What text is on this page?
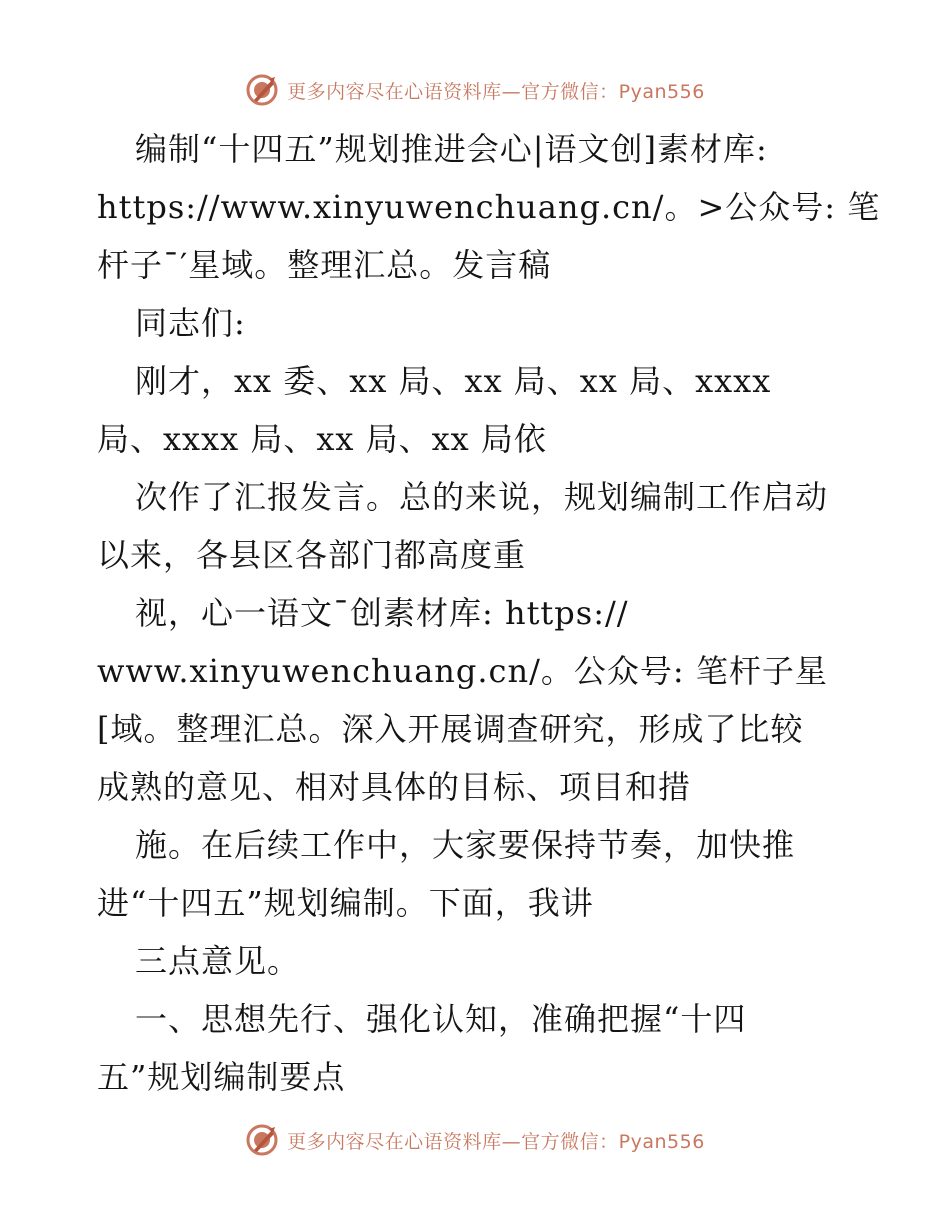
更多内容尽在心语资料库—官方微信：Pyan556
编制“十四五”规划推进会心|语文创]素材库:
https://www.xinyuwenchuang.cn/。>公众号: 笔
杆子¯′星域。整理汇总。发言稿
同志们:
刚才，xx 委、xx 局、xx 局、xx 局、xxxx
局、xxxx 局、xx 局、xx 局依
次作了汇报发言。总的来说，规划编制工作启动
以来，各县区各部门都高度重
视，心一语文¯创素材库: https://
www.xinyuwenchuang.cn/。公众号: 笔杆子星
[域。整理汇总。深入开展调查研究，形成了比较
成熟的意见、相对具体的目标、项目和措
施。在后续工作中，大家要保持节奏，加快推
进“十四五”规划编制。下面，我讲
三点意见。
一、思想先行、强化认知，准确把握“十四
五”规划编制要点
更多内容尽在心语资料库—官方微信：Pyan556
